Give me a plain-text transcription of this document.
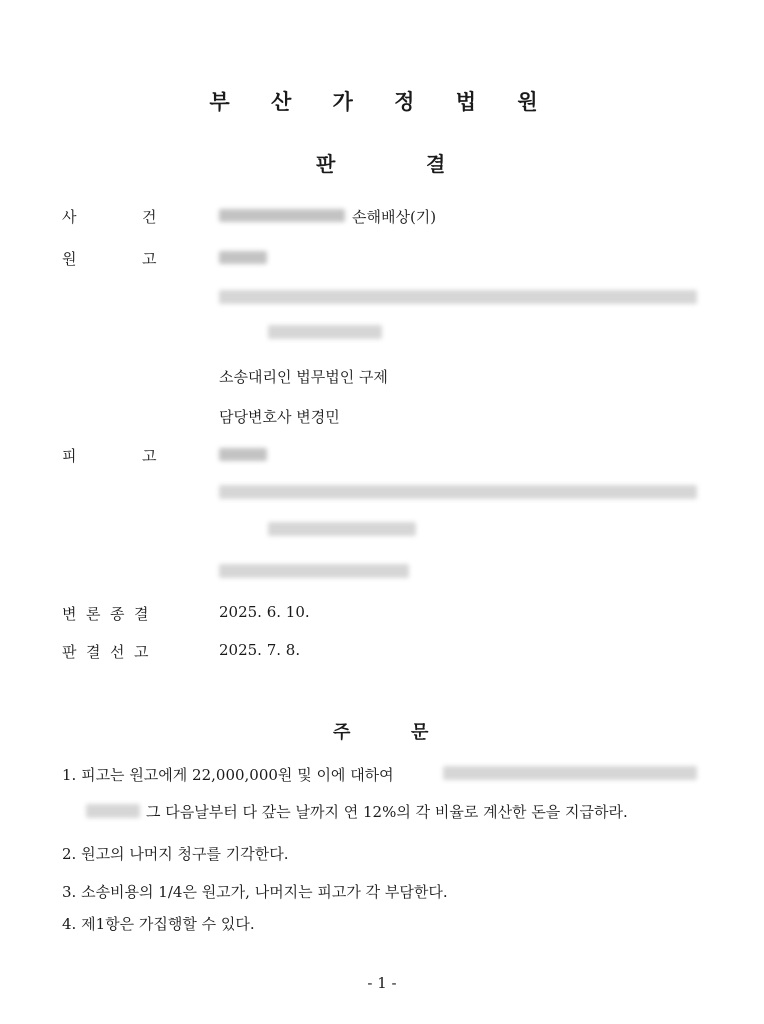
부 산 가 정 법 원
판	결
사	건	손해배상(기)
원	고
소송대리인 법무법인 구제
담당변호사 변경민
피	고
변 론 종 결	2025. 6. 10.
판 결 선 고	2025. 7. 8.
주	문
1. 피고는 원고에게 22,000,000원 및 이에 대하여
그 다음날부터 다 갚는 날까지 연 12%의 각 비율로 계산한 돈을 지급하라.
2. 원고의 나머지 청구를 기각한다.
3. 소송비용의 1/4은 원고가, 나머지는 피고가 각 부담한다.
4. 제1항은 가집행할 수 있다.
- 1 -
